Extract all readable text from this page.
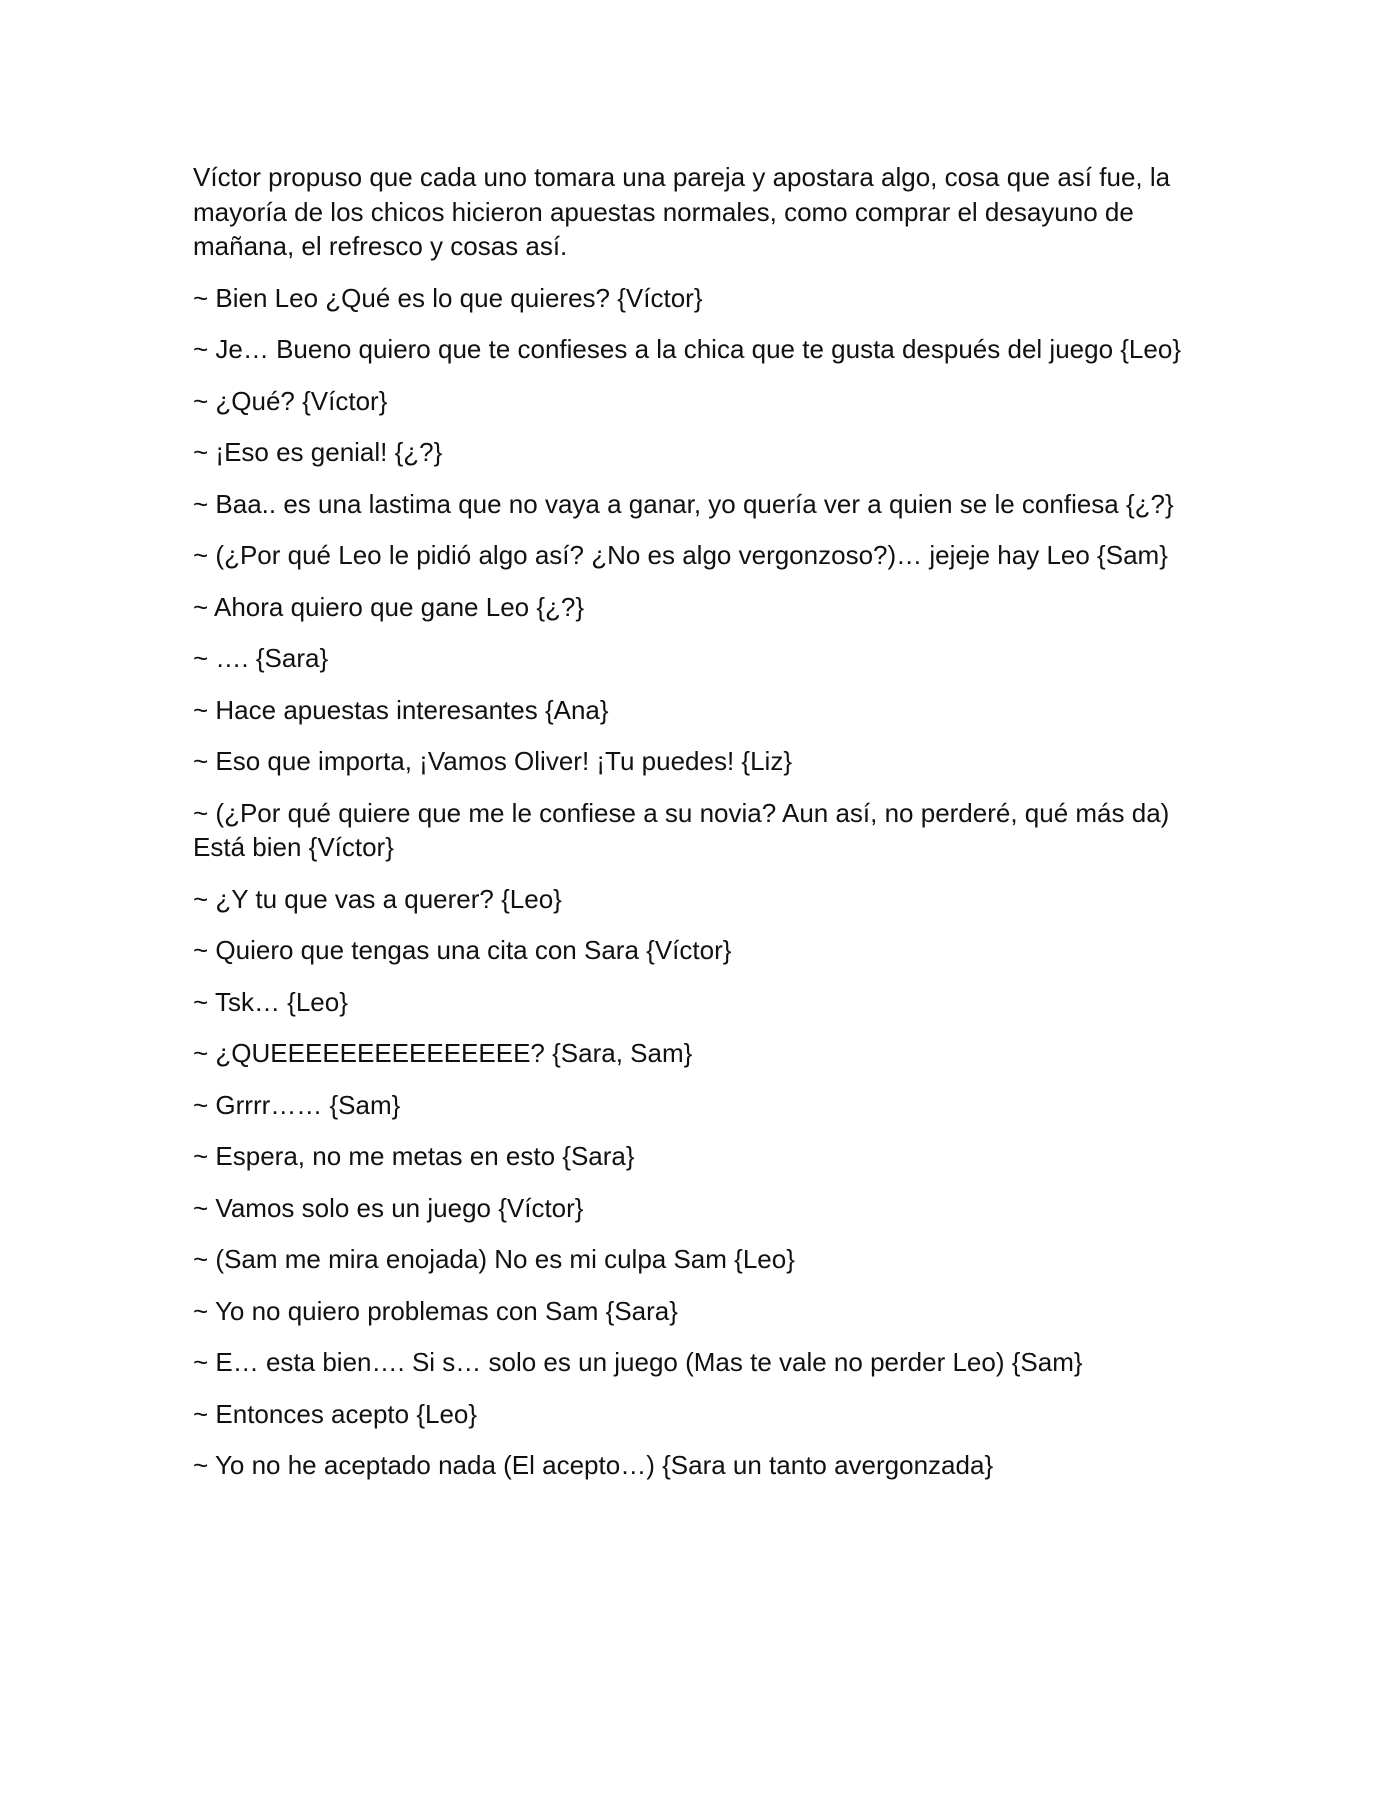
Víctor propuso que cada uno tomara una pareja y apostara algo, cosa que así fue, la mayoría de los chicos hicieron apuestas normales, como comprar el desayuno de mañana, el refresco y cosas así.

~ Bien Leo ¿Qué es lo que quieres? {Víctor}

~ Je… Bueno quiero que te confieses a la chica que te gusta después del juego {Leo}

~ ¿Qué? {Víctor}

~ ¡Eso es genial! {¿?}

~ Baa.. es una lastima que no vaya a ganar, yo quería ver a quien se le confiesa {¿?}

~ (¿Por qué Leo le pidió algo así? ¿No es algo vergonzoso?)… jejeje hay Leo {Sam}

~ Ahora quiero que gane Leo {¿?}

~ …. {Sara}

~ Hace apuestas interesantes {Ana}

~ Eso que importa, ¡Vamos Oliver! ¡Tu puedes! {Liz}

~ (¿Por qué quiere que me le confiese a su novia? Aun así, no perderé, qué más da) Está bien {Víctor}

~ ¿Y tu que vas a querer? {Leo}

~ Quiero que tengas una cita con Sara {Víctor}

~ Tsk… {Leo}

~ ¿QUEEEEEEEEEEEEEEE? {Sara, Sam}

~ Grrrr…… {Sam}

~ Espera, no me metas en esto {Sara}

~ Vamos solo es un juego {Víctor}

~ (Sam me mira enojada) No es mi culpa Sam {Leo}

~ Yo no quiero problemas con Sam {Sara}

~ E… esta bien…. Si s… solo es un juego (Mas te vale no perder Leo) {Sam}

~ Entonces acepto {Leo}

~ Yo no he aceptado nada (El acepto…) {Sara un tanto avergonzada}
